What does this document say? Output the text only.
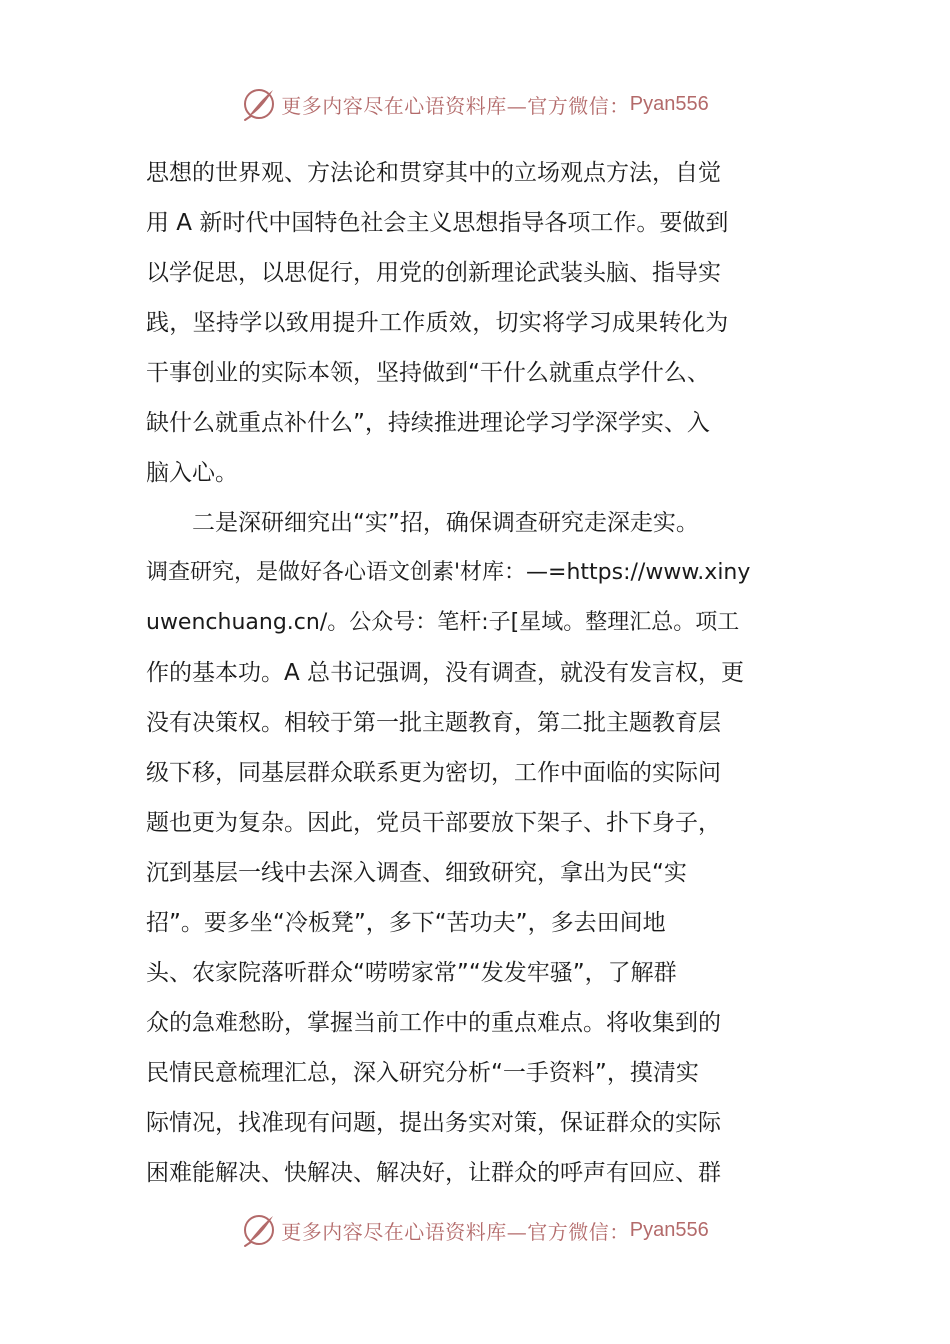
更多内容尽在心语资料库—官方微信： Pyan556
思想的世界观、方法论和贯穿其中的立场观点方法，自觉
用 A 新时代中国特色社会主义思想指导各项工作。要做到
以学促思，以思促行，用党的创新理论武装头脑、指导实
践，坚持学以致用提升工作质效，切实将学习成果转化为
干事创业的实际本领，坚持做到“干什么就重点学什么、
缺什么就重点补什么”，持续推进理论学习学深学实、入
脑入心。
二是深研细究出“实”招，确保调查研究走深走实。
调查研究，是做好各心语文创素'材库：—=https://www.xiny
uwenchuang.cn/。公众号：笔杆:子[星域。整理汇总。项工
作的基本功。A 总书记强调，没有调查，就没有发言权，更
没有决策权。相较于第一批主题教育，第二批主题教育层
级下移，同基层群众联系更为密切，工作中面临的实际问
题也更为复杂。因此，党员干部要放下架子、扑下身子，
沉到基层一线中去深入调查、细致研究，拿出为民“实
招”。要多坐“冷板凳”，多下“苦功夫”，多去田间地
头、农家院落听群众“唠唠家常”“发发牢骚”，了解群
众的急难愁盼，掌握当前工作中的重点难点。将收集到的
民情民意梳理汇总，深入研究分析“一手资料”，摸清实
际情况，找准现有问题，提出务实对策，保证群众的实际
困难能解决、快解决、解决好，让群众的呼声有回应、群
更多内容尽在心语资料库—官方微信： Pyan556
